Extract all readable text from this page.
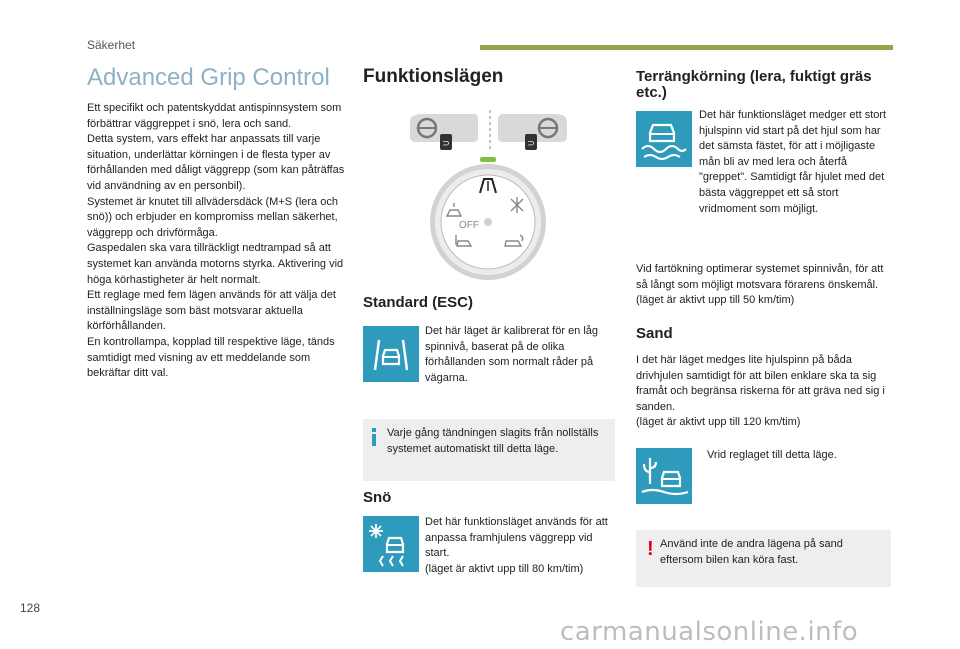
Säkerhet
Advanced Grip Control

Ett specifikt och patentskyddat antispinnsystem som förbättrar väggreppet i snö, lera och sand.

Detta system, vars effekt har anpassats till varje situation, underlättar körningen i de flesta typer av förhållanden med dåligt väggrepp (som kan påträffas vid användning av en personbil).

Systemet är knutet till allvädersdäck (M+S (lera och snö)) och erbjuder en kompromiss mellan säkerhet, väggrepp och drivförmåga.

Gaspedalen ska vara tillräckligt nedtrampad så att systemet kan använda motorns styrka. Aktivering vid höga körhastigheter är helt normalt.

Ett reglage med fem lägen används för att välja det inställningsläge som bäst motsvarar aktuella körförhållanden.

En kontrollampa, kopplad till respektive läge, tänds samtidigt med visning av ett meddelande som bekräftar ditt val.

Funktionslägen
⊃	⊃
OFF
Standard (ESC)
Det här läget är kalibrerat för en låg spinnivå, baserat på de olika förhållanden som normalt råder på vägarna.
Varje gång tändningen slagits från nollställs systemet automatiskt till detta läge.
Snö

Det här funktionsläget används för att anpassa framhjulens väggrepp vid start.

(läget är aktivt upp till 80 km/tim)

Terrängkörning (lera, fuktigt gräs etc.)
Det här funktionsläget medger ett stort hjulspinn vid start på det hjul som har det sämsta fästet, för att i möjligaste mån bli av med lera och återfå "greppet". Samtidigt får hjulet med det bästa väggreppet ett så stort vridmoment som möjligt.

Vid fartökning optimerar systemet spinnivån, för att så långt som möjligt motsvara förarens önskemål.

(läget är aktivt upp till 50 km/tim)

Sand

I det här läget medges lite hjulspinn på båda drivhjulen samtidigt för att bilen enklare ska ta sig framåt och begränsa riskerna för att gräva ned sig i sanden.

(läget är aktivt upp till 120 km/tim)

Vrid reglaget till detta läge.
! Använd inte de andra lägena på sand eftersom bilen kan köra fast.
128
carmanualsonline.info
